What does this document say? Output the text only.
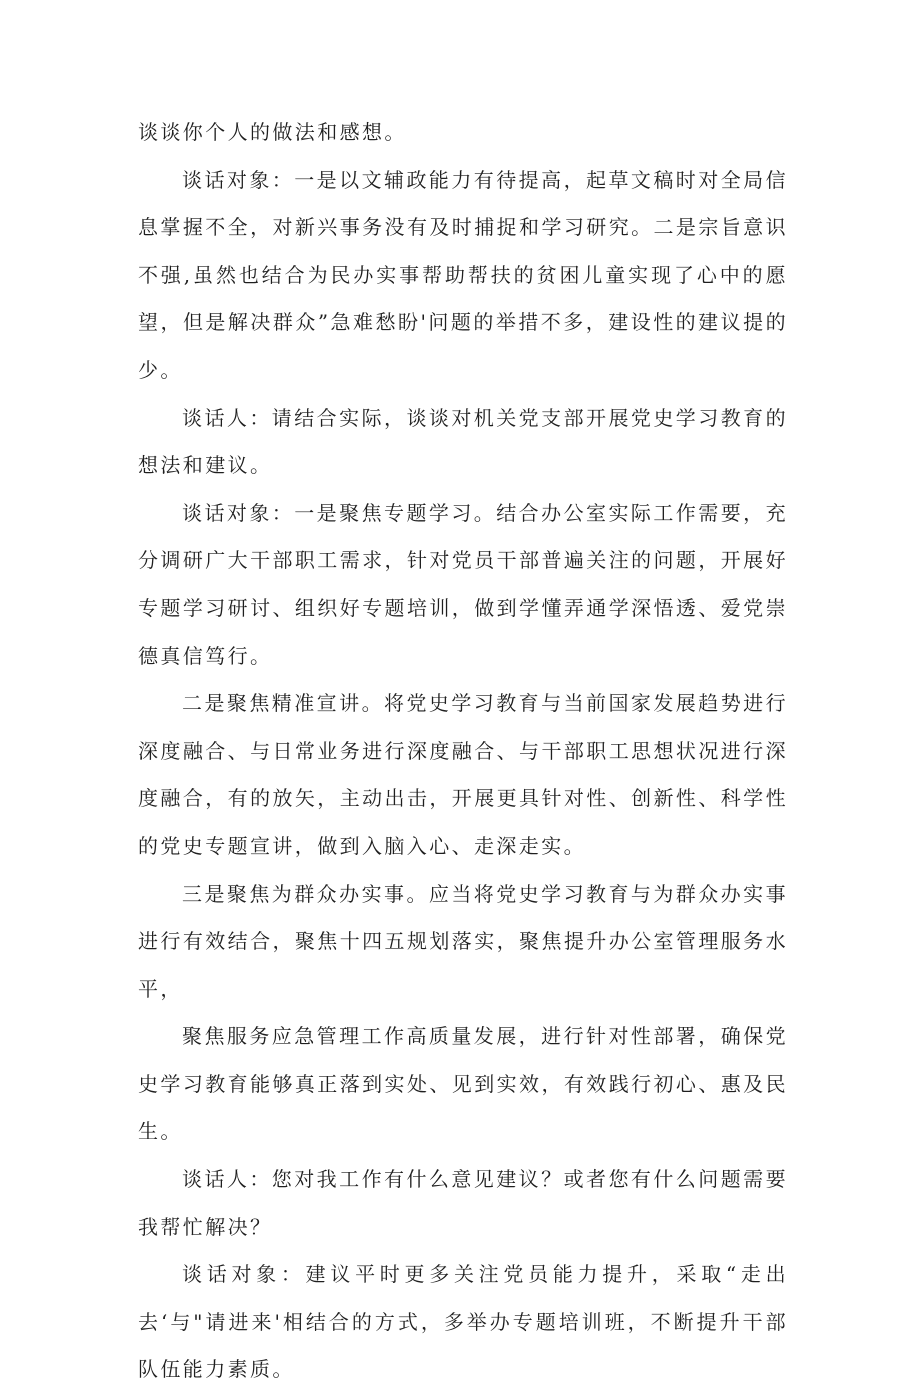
谈谈你个人的做法和感想。

谈话对象：一是以文辅政能力有待提高，起草文稿时对全局信息掌握不全，对新兴事务没有及时捕捉和学习研究。二是宗旨意识不强,虽然也结合为民办实事帮助帮扶的贫困儿童实现了心中的愿望，但是解决群众”急难愁盼'问题的举措不多，建设性的建议提的少。

谈话人：请结合实际，谈谈对机关党支部开展党史学习教育的想法和建议。

谈话对象：一是聚焦专题学习。结合办公室实际工作需要，充分调研广大干部职工需求，针对党员干部普遍关注的问题，开展好专题学习研讨、组织好专题培训，做到学懂弄通学深悟透、爱党崇德真信笃行。

二是聚焦精准宣讲。将党史学习教育与当前国家发展趋势进行深度融合、与日常业务进行深度融合、与干部职工思想状况进行深度融合，有的放矢，主动出击，开展更具针对性、创新性、科学性的党史专题宣讲，做到入脑入心、走深走实。

三是聚焦为群众办实事。应当将党史学习教育与为群众办实事进行有效结合，聚焦十四五规划落实，聚焦提升办公室管理服务水平，

聚焦服务应急管理工作高质量发展，进行针对性部署，确保党史学习教育能够真正落到实处、见到实效，有效践行初心、惠及民生。

谈话人：您对我工作有什么意见建议？或者您有什么问题需要我帮忙解决？

谈话对象：建议平时更多关注党员能力提升，采取“走出去‘与"请进来'相结合的方式，多举办专题培训班，不断提升干部队伍能力素质。
